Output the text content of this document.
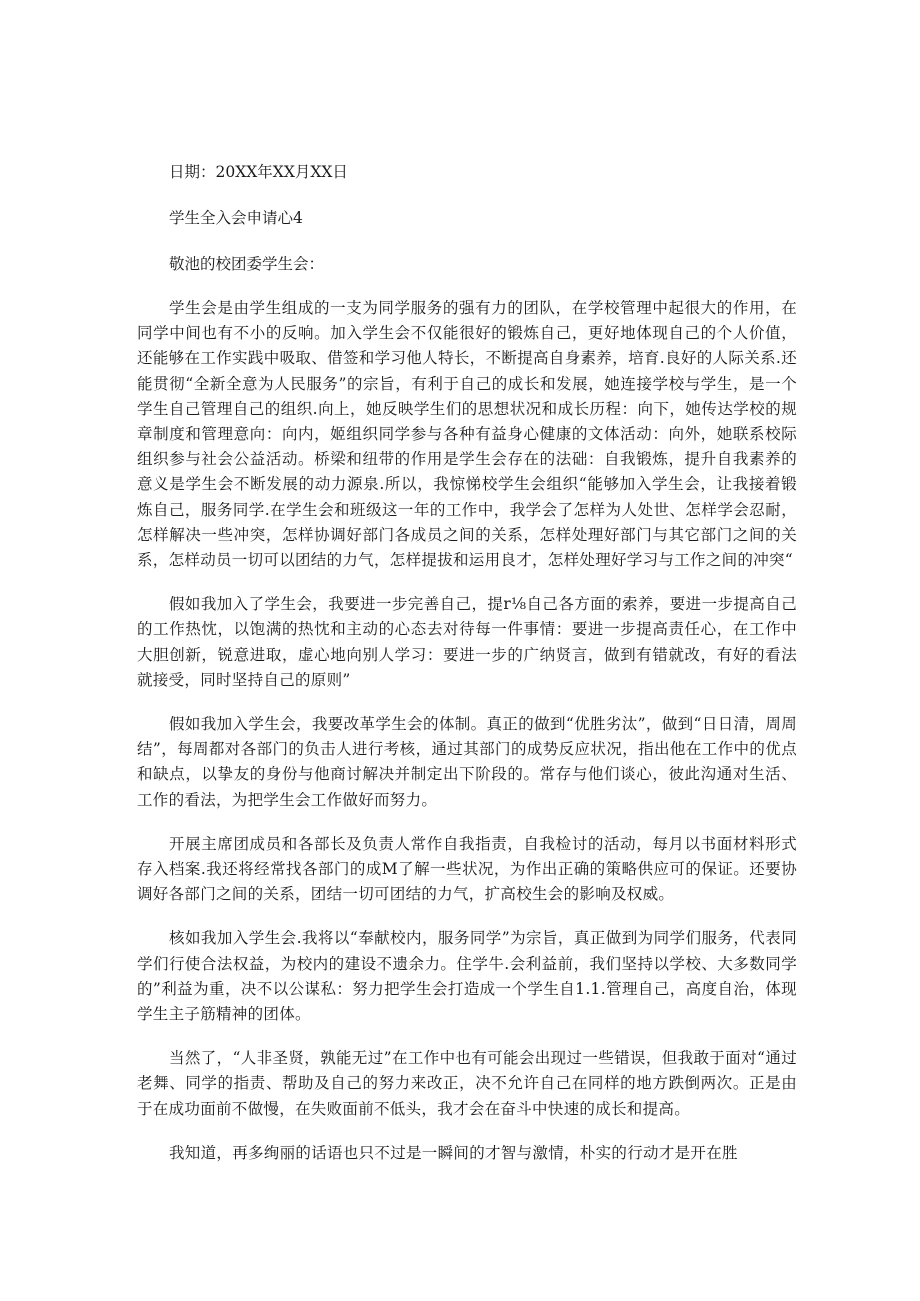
日期：20XX年XX月XX日

学生全入会申请心4

敬池的校团委学生会：

学生会是由学生组成的一支为同学服务的强有力的团队，在学校管理中起很大的作用，在同学中间也有不小的反响。加入学生会不仅能很好的锻炼自己，更好地体现自己的个人价值，还能够在工作实践中吸取、借签和学习他人特长，不断提高自身素养，培育.良好的人际关系.还能贯彻“全新全意为人民服务”的宗旨，有利于自己的成长和发展，她连接学校与学生，是一个学生自己管理自己的组织.向上，她反映学生们的思想状况和成长历程：向下，她传达学校的规章制度和管理意向：向内，姬组织同学参与各种有益身心健康的文体活动：向外，她联系校际组织参与社会公益活动。桥梁和纽带的作用是学生会存在的法础：自我锻炼，提升自我素养的意义是学生会不断发展的动力源泉.所以，我惊悌校学生会组织“能够加入学生会，让我接着锻炼自己，服务同学.在学生会和班级这一年的工作中，我学会了怎样为人处世、怎样学会忍耐，怎样解决一些冲突，怎样协调好部门各成员之间的关系，怎样处理好部门与其它部门之间的关系，怎样动员一切可以团结的力气，怎样提拔和运用良才，怎样处理好学习与工作之间的冲突“

假如我加入了学生会，我要进一步完善自己，提r⅛自己各方面的索养，要进一步提高自己的工作热忱，以饱满的热忱和主动的心态去对待每一件事情：要进一步提高责任心，在工作中大胆创新，锐意进取，虚心地向别人学习：要进一步的广纳贤言，做到有错就改，有好的看法就接受，同时坚持自己的原则”

假如我加入学生会，我要改革学生会的体制。真正的做到“优胜劣汰”，做到“日日清，周周结”，每周都对各部门的负击人进行考核，通过其部门的成势反应状况，指出他在工作中的优点和缺点，以挚友的身份与他商讨解决并制定出下阶段的。常存与他们谈心，彼此沟通对生活、工作的看法，为把学生会工作做好而努力。

开展主席团成员和各部长及负责人常作自我指责，自我检讨的活动，每月以书面材料形式存入档案.我还将经常找各部门的成M了解一些状况，为作出正确的策略供应可的保证。还要协调好各部门之间的关系，团结一切可团结的力气，扩高校生会的影响及权威。

核如我加入学生会.我将以“奉献校内，服务同学”为宗旨，真正做到为同学们服务，代表同学们行使合法权益，为校内的建设不遗余力。住学牛.会利益前，我们坚持以学校、大多数同学的”利益为重，决不以公谋私：努力把学生会打造成一个学生自1.1.管理自己，高度自治，体现学生主子筋精神的团体。

当然了，“人非圣贤，孰能无过”在工作中也有可能会出现过一些错误，但我敢于面对“通过老舞、同学的指责、帮助及自己的努力来改正，决不允许自己在同样的地方跌倒两次。正是由于在成功面前不做慢，在失败面前不低头，我才会在奋斗中快速的成长和提高。

我知道，再多绚丽的话语也只不过是一瞬间的才智与激情，朴实的行动才是开在胜
